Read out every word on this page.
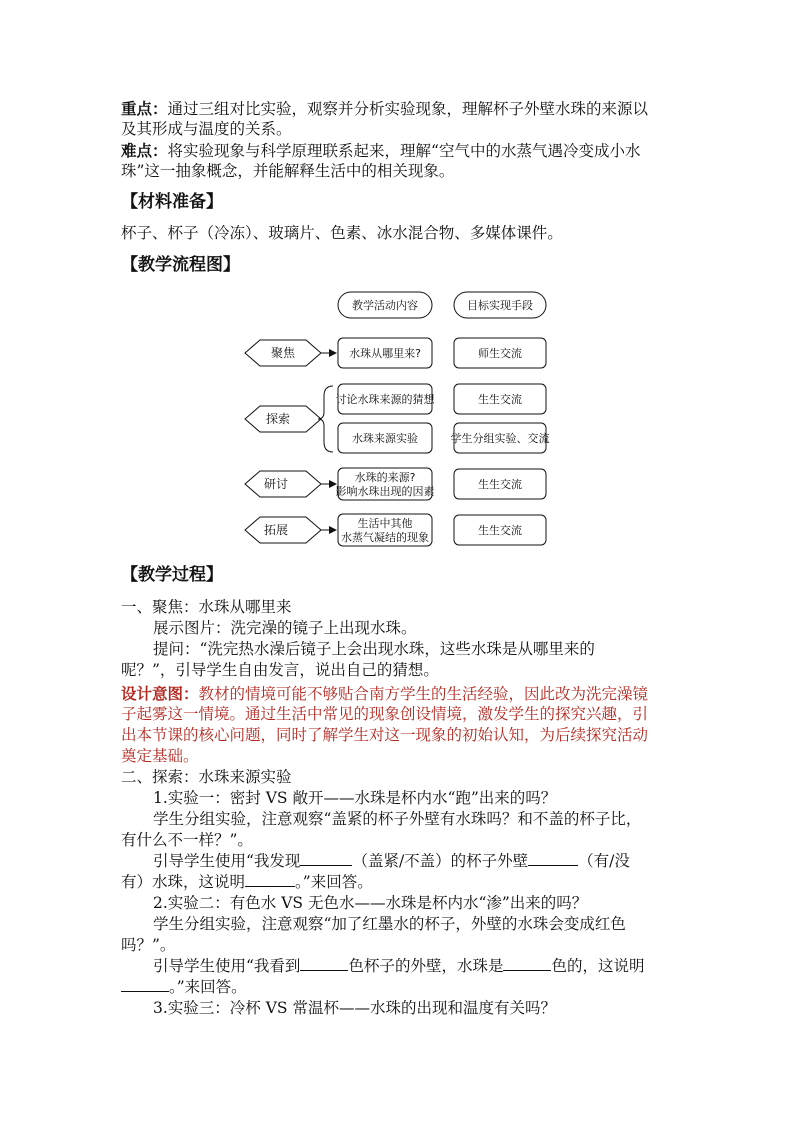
重点：通过三组对比实验，观察并分析实验现象，理解杯子外壁水珠的来源以
及其形成与温度的关系。
难点：将实验现象与科学原理联系起来，理解“空气中的水蒸气遇冷变成小水
珠”这一抽象概念，并能解释生活中的相关现象。
【材料准备】
杯子、杯子（冷冻）、玻璃片、色素、冰水混合物、多媒体课件。
【教学流程图】
教学活动内容	目标实现手段
聚焦	水珠从哪里来?	师生交流
探索
讨论水珠来源的猜想	生生交流
水珠来源实验	学生分组实验、交流
研讨	水珠的来源?
影响水珠出现的因素
生生交流
拓展	生活中其他
水蒸气凝结的现象
生生交流
【教学过程】
一、聚焦：水珠从哪里来
展示图片：洗完澡的镜子上出现水珠。
提问：“洗完热水澡后镜子上会出现水珠，这些水珠是从哪里来的
呢？”，引导学生自由发言，说出自己的猜想。
设计意图：教材的情境可能不够贴合南方学生的生活经验，因此改为洗完澡镜
子起雾这一情境。通过生活中常见的现象创设情境，激发学生的探究兴趣，引
出本节课的核心问题，同时了解学生对这一现象的初始认知，为后续探究活动
奠定基础。
二、探索：水珠来源实验
1.实验一：密封 VS 敞开——水珠是杯内水“跑”出来的吗？
学生分组实验，注意观察“盖紧的杯子外壁有水珠吗？和不盖的杯子比，
有什么不一样？”。
引导学生使用“我发现	（盖紧/不盖）的杯子外壁	（有/没
有）水珠，这说明	。”来回答。
2.实验二：有色水 VS 无色水——水珠是杯内水“渗”出来的吗？
学生分组实验，注意观察“加了红墨水的杯子，外壁的水珠会变成红色
吗？”。
引导学生使用“我看到	色杯子的外壁，水珠是	色的，这说明
。”来回答。
3.实验三：冷杯 VS 常温杯——水珠的出现和温度有关吗？
